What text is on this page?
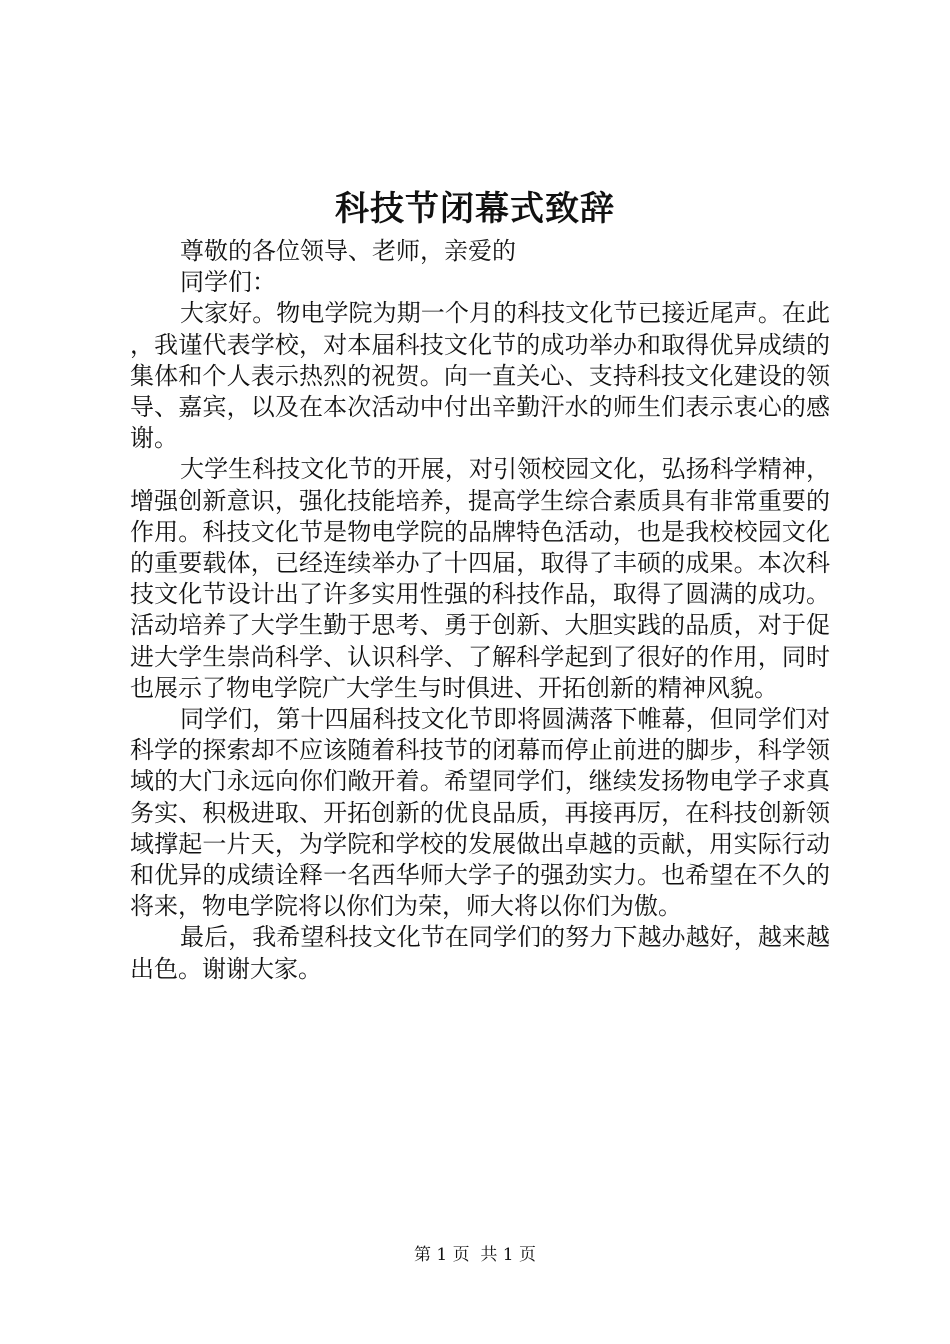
科技节闭幕式致辞

尊敬的各位领导、老师，亲爱的

同学们：

大家好。物电学院为期一个月的科技文化节已接近尾声。在此，我谨代表学校，对本届科技文化节的成功举办和取得优异成绩的集体和个人表示热烈的祝贺。向一直关心、支持科技文化建设的领导、嘉宾，以及在本次活动中付出辛勤汗水的师生们表示衷心的感谢。

大学生科技文化节的开展，对引领校园文化，弘扬科学精神，增强创新意识，强化技能培养，提高学生综合素质具有非常重要的作用。科技文化节是物电学院的品牌特色活动，也是我校校园文化的重要载体，已经连续举办了十四届，取得了丰硕的成果。本次科技文化节设计出了许多实用性强的科技作品，取得了圆满的成功。活动培养了大学生勤于思考、勇于创新、大胆实践的品质，对于促进大学生崇尚科学、认识科学、了解科学起到了很好的作用，同时也展示了物电学院广大学生与时俱进、开拓创新的精神风貌。

同学们，第十四届科技文化节即将圆满落下帷幕，但同学们对科学的探索却不应该随着科技节的闭幕而停止前进的脚步，科学领域的大门永远向你们敞开着。希望同学们，继续发扬物电学子求真务实、积极进取、开拓创新的优良品质，再接再厉，在科技创新领域撑起一片天，为学院和学校的发展做出卓越的贡献，用实际行动和优异的成绩诠释一名西华师大学子的强劲实力。也希望在不久的将来，物电学院将以你们为荣，师大将以你们为傲。

最后，我希望科技文化节在同学们的努力下越办越好，越来越出色。谢谢大家。

第 1 页  共 1 页
